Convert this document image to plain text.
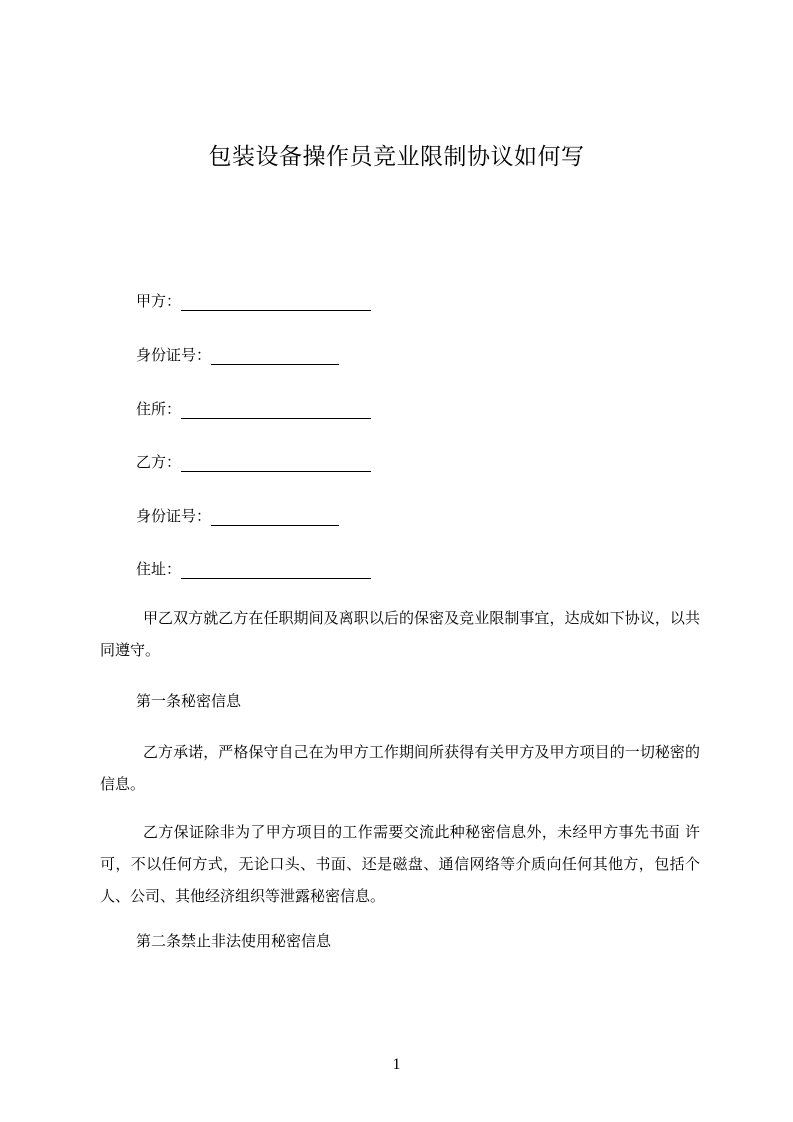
包装设备操作员竞业限制协议如何写
甲方：
身份证号：
住所：
乙方：
身份证号：
住址：
甲乙双方就乙方在任职期间及离职以后的保密及竞业限制事宜，达成如下协议，以共同遵守。
第一条秘密信息
乙方承诺，严格保守自己在为甲方工作期间所获得有关甲方及甲方项目的一切秘密的信息。
乙方保证除非为了甲方项目的工作需要交流此种秘密信息外，未经甲方事先书面 许可，不以任何方式，无论口头、书面、还是磁盘、通信网络等介质向任何其他方，包括个人、公司、其他经济组织等泄露秘密信息。
第二条禁止非法使用秘密信息
1
